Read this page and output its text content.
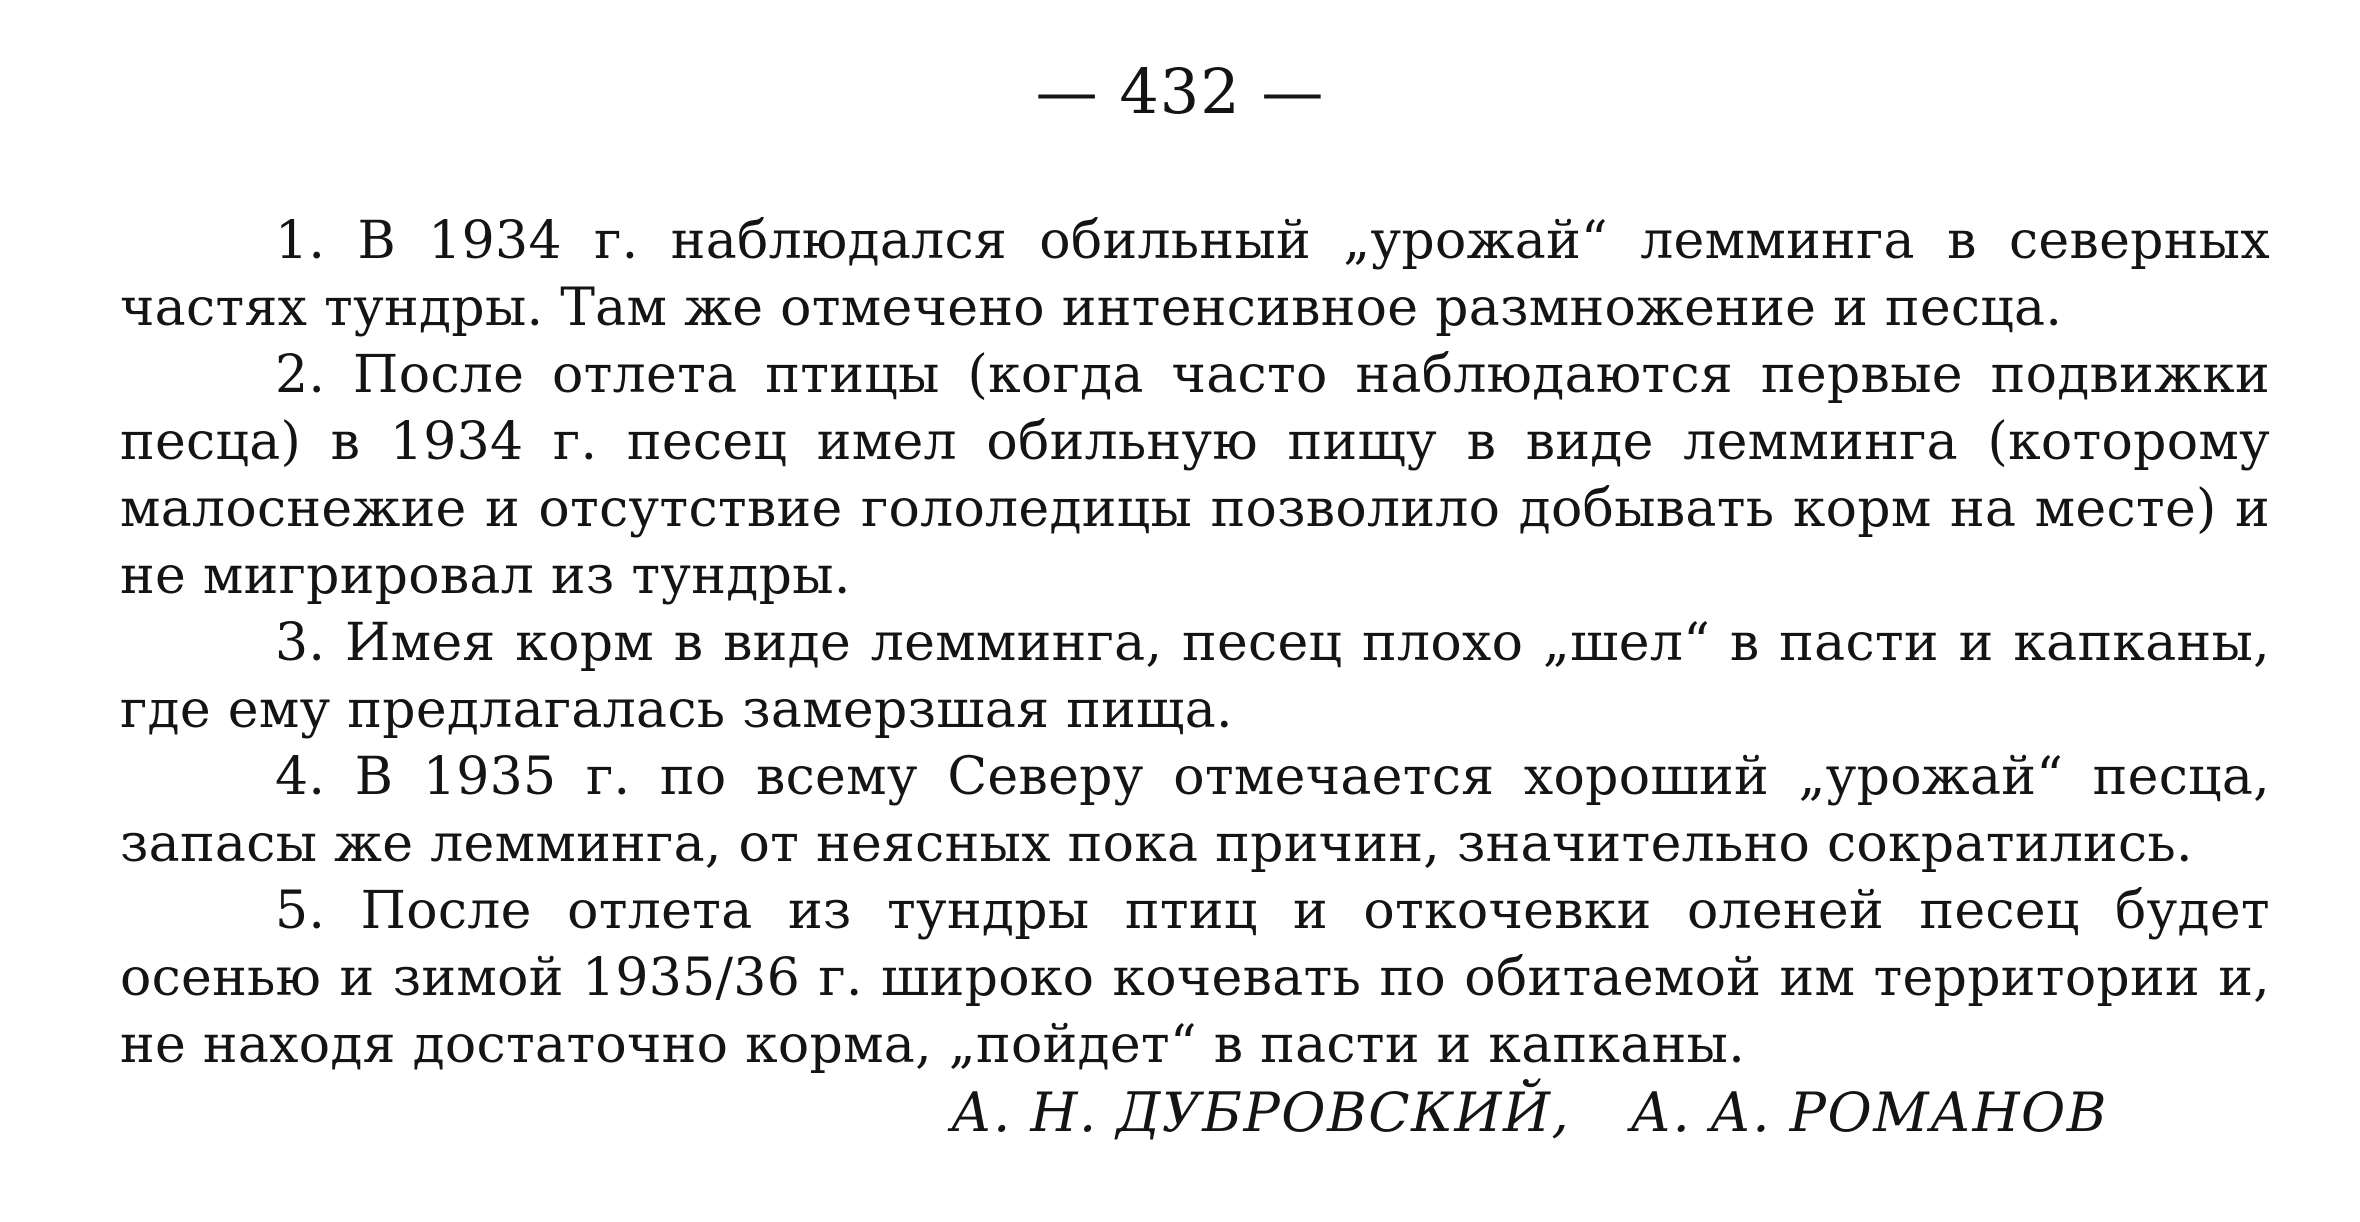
— 432 —

1. В 1934 г. наблюдался обильный „урожай“ лемминга в северных частях тундры. Там же отмечено интенсивное размножение и песца.

2. После отлета птицы (когда часто наблюдаются первые подвижки песца) в 1934 г. песец имел обильную пищу в виде лемминга (которому малоснежие и отсутствие гололедицы позволило добывать корм на месте) и не мигрировал из тундры.

3. Имея корм в виде лемминга, песец плохо „шел“ в пасти и капканы, где ему предлагалась замерзшая пища.

4. В 1935 г. по всему Северу отмечается хороший „урожай“ песца, запасы же лемминга, от неясных пока причин, значительно сократились.

5. После отлета из тундры птиц и откочевки оленей песец будет осенью и зимой 1935/36 г. широко кочевать по обитаемой им территории и, не находя достаточно корма, „пойдет“ в пасти и капканы.

А. Н. ДУБРОВСКИЙ, А. А. РОМАНОВ
